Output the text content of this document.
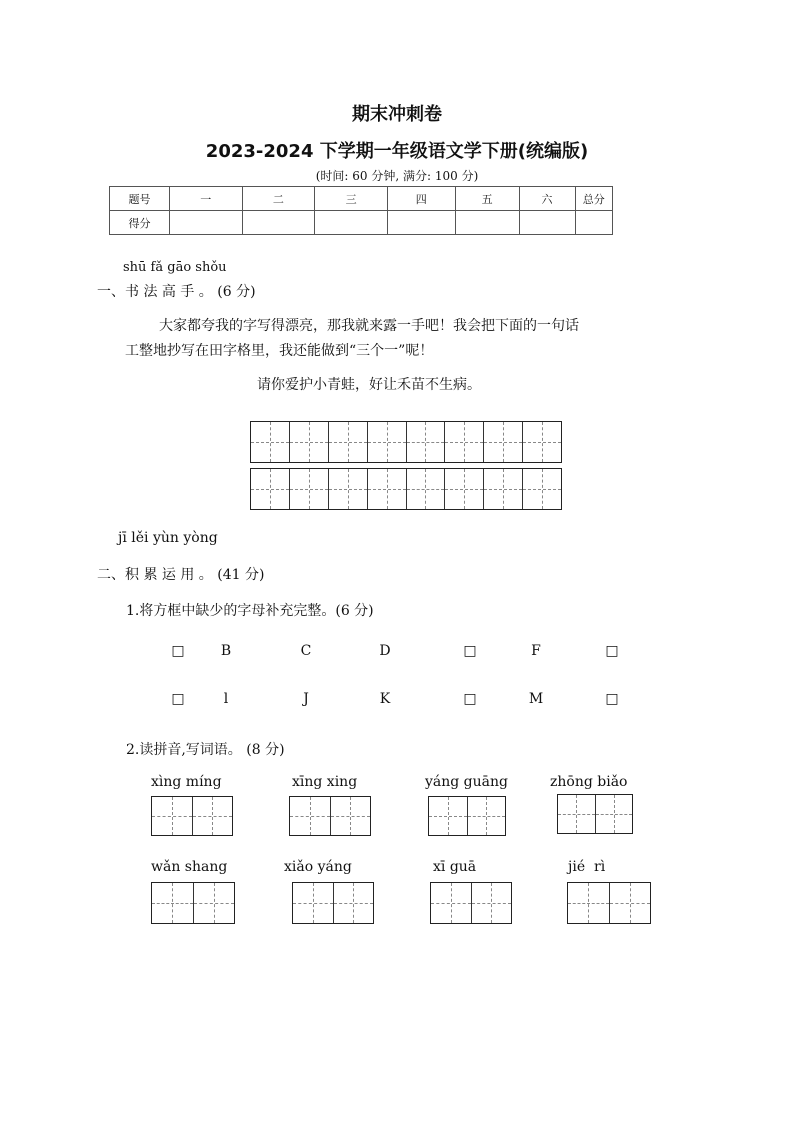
期末冲刺卷
2023-2024 下学期一年级语文学下册(统编版)
(时间: 60 分钟, 满分: 100 分)
题号	一	二	三	四	五	六	总分
得分							
shū fǎ gāo shǒu
一、书 法 高 手 。 (6 分)
大家都夸我的字写得漂亮，那我就来露一手吧！我会把下面的一句话
工整地抄写在田字格里，我还能做到“三个一”呢！
请你爱护小青蛙，好让禾苗不生病。
jī lěi yùn yòng
二、积 累 运 用 。 (41 分)
1.将方框中缺少的字母补充完整。(6 分)
□	B	C	D	□	F	□
□	l	J	K	□	M	□
2.读拼音,写词语。 (8 分)
xìng míng	xīng xing	yáng guāng	zhōng biǎo
wǎn shang	xiǎo yáng	xī guā	jié  rì
